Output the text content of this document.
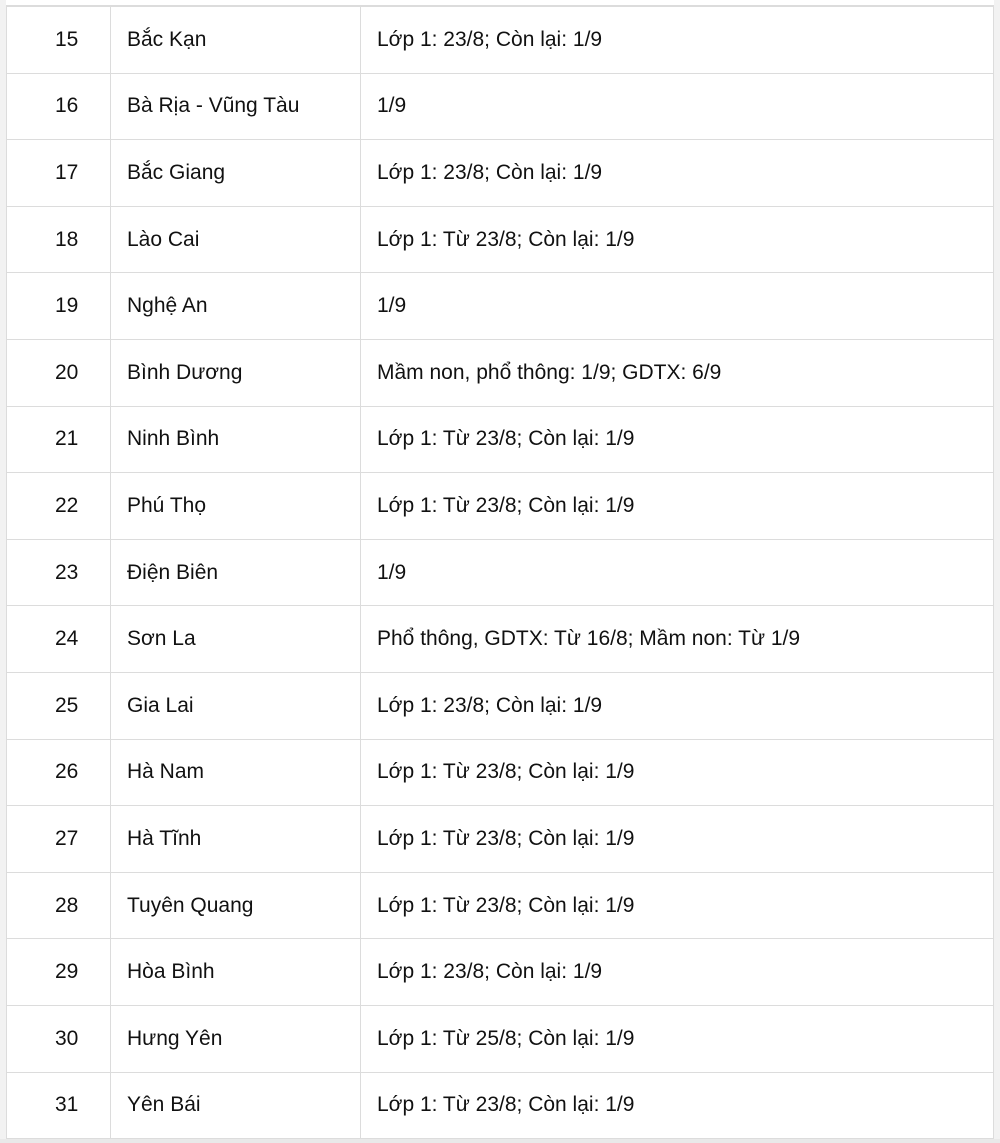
15	Bắc Kạn	Lớp 1: 23/8; Còn lại: 1/9
16	Bà Rịa - Vũng Tàu	1/9
17	Bắc Giang	Lớp 1: 23/8; Còn lại: 1/9
18	Lào Cai	Lớp 1: Từ 23/8; Còn lại: 1/9
19	Nghệ An	1/9
20	Bình Dương	Mầm non, phổ thông: 1/9; GDTX: 6/9
21	Ninh Bình	Lớp 1: Từ 23/8; Còn lại: 1/9
22	Phú Thọ	Lớp 1: Từ 23/8; Còn lại: 1/9
23	Điện Biên	1/9
24	Sơn La	Phổ thông, GDTX: Từ 16/8; Mầm non: Từ 1/9
25	Gia Lai	Lớp 1: 23/8; Còn lại: 1/9
26	Hà Nam	Lớp 1: Từ 23/8; Còn lại: 1/9
27	Hà Tĩnh	Lớp 1: Từ 23/8; Còn lại: 1/9
28	Tuyên Quang	Lớp 1: Từ 23/8; Còn lại: 1/9
29	Hòa Bình	Lớp 1: 23/8; Còn lại: 1/9
30	Hưng Yên	Lớp 1: Từ 25/8; Còn lại: 1/9
31	Yên Bái	Lớp 1: Từ 23/8; Còn lại: 1/9
